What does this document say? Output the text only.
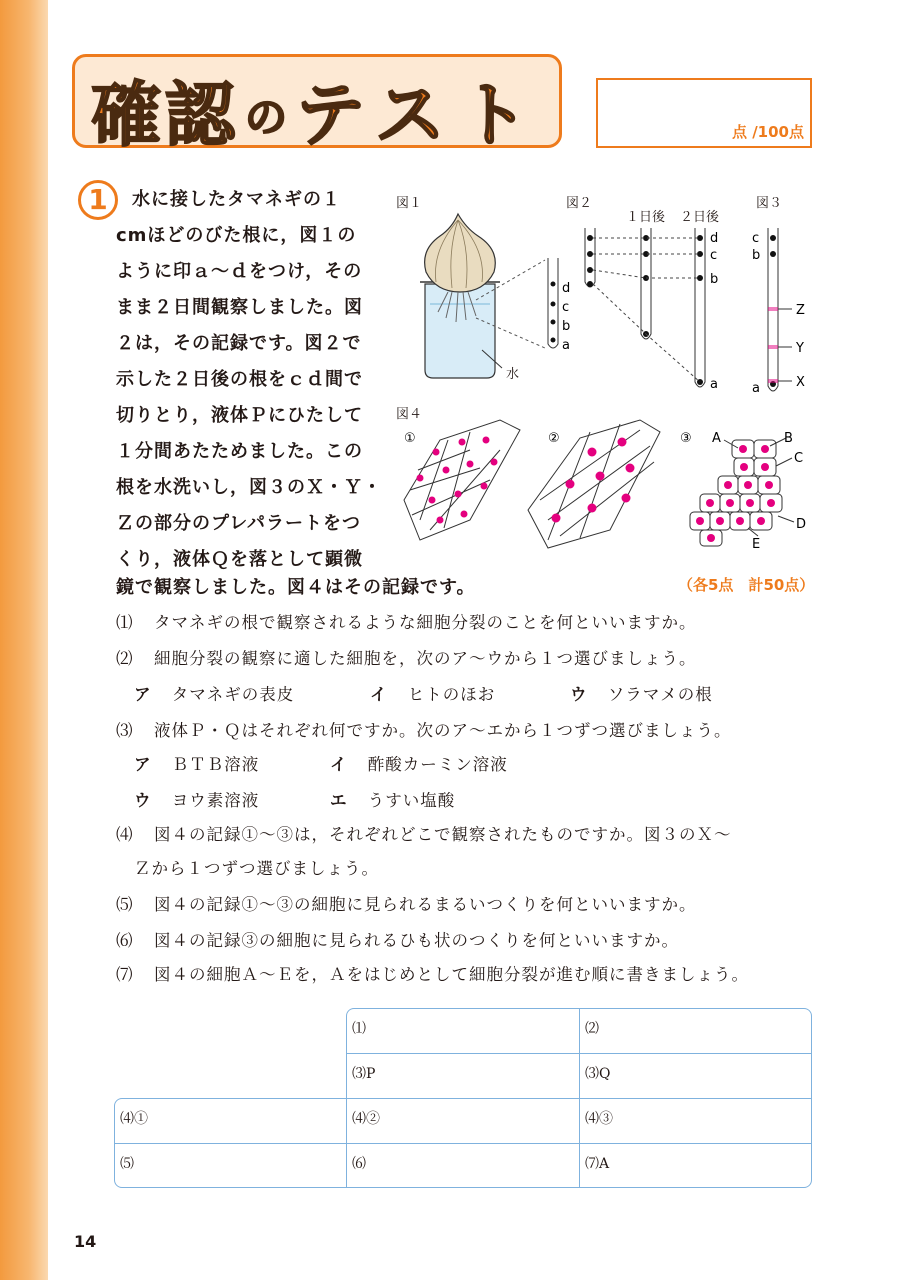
確 認 の テ ス ト	点 /100点
1	水に接したタマネギの１
cmほどのびた根に，図１の
ように印ａ～ｄをつけ，その
まま２日間観察しました。図
２は，その記録です。図２で
示した２日後の根をｃｄ間で
切りとり，液体Ｐにひたして
１分間あたためました。この
根を水洗いし，図３のＸ・Ｙ・
Ｚの部分のプレパラートをつ
くり，液体Ｑを落として顕微
鏡で観察しました。図４はその記録です。	（各5点　計50点）
図１	図２
１日後 ２日後
図３
図４
水
d
c
b
a
d
c
b
a
c
b
a
Z
Y
X
①	②	③ A	B
C
D
E
⑴ タマネギの根で観察されるような細胞分裂のことを何といいますか。
⑵ 細胞分裂の観察に適した細胞を，次のア～ウから１つ選びましょう。
ア タマネギの表皮	イ ヒトのほお	ウ ソラマメの根
⑶ 液体Ｐ・Ｑはそれぞれ何ですか。次のア～エから１つずつ選びましょう。
ア ＢＴＢ溶液	イ 酢酸カーミン溶液
ウ ヨウ素溶液	エ うすい塩酸
⑷ 図４の記録①～③は，それぞれどこで観察されたものですか。図３のＸ～
Ｚから１つずつ選びましょう。
⑸ 図４の記録①～③の細胞に見られるまるいつくりを何といいますか。
⑹ 図４の記録③の細胞に見られるひも状のつくりを何といいますか。
⑺ 図４の細胞Ａ～Ｅを，Ａをはじめとして細胞分裂が進む順に書きましょう。
⑴	⑵
⑶P	⑶Q
⑷①	⑷②	⑷③
⑸	⑹	⑺A
14
